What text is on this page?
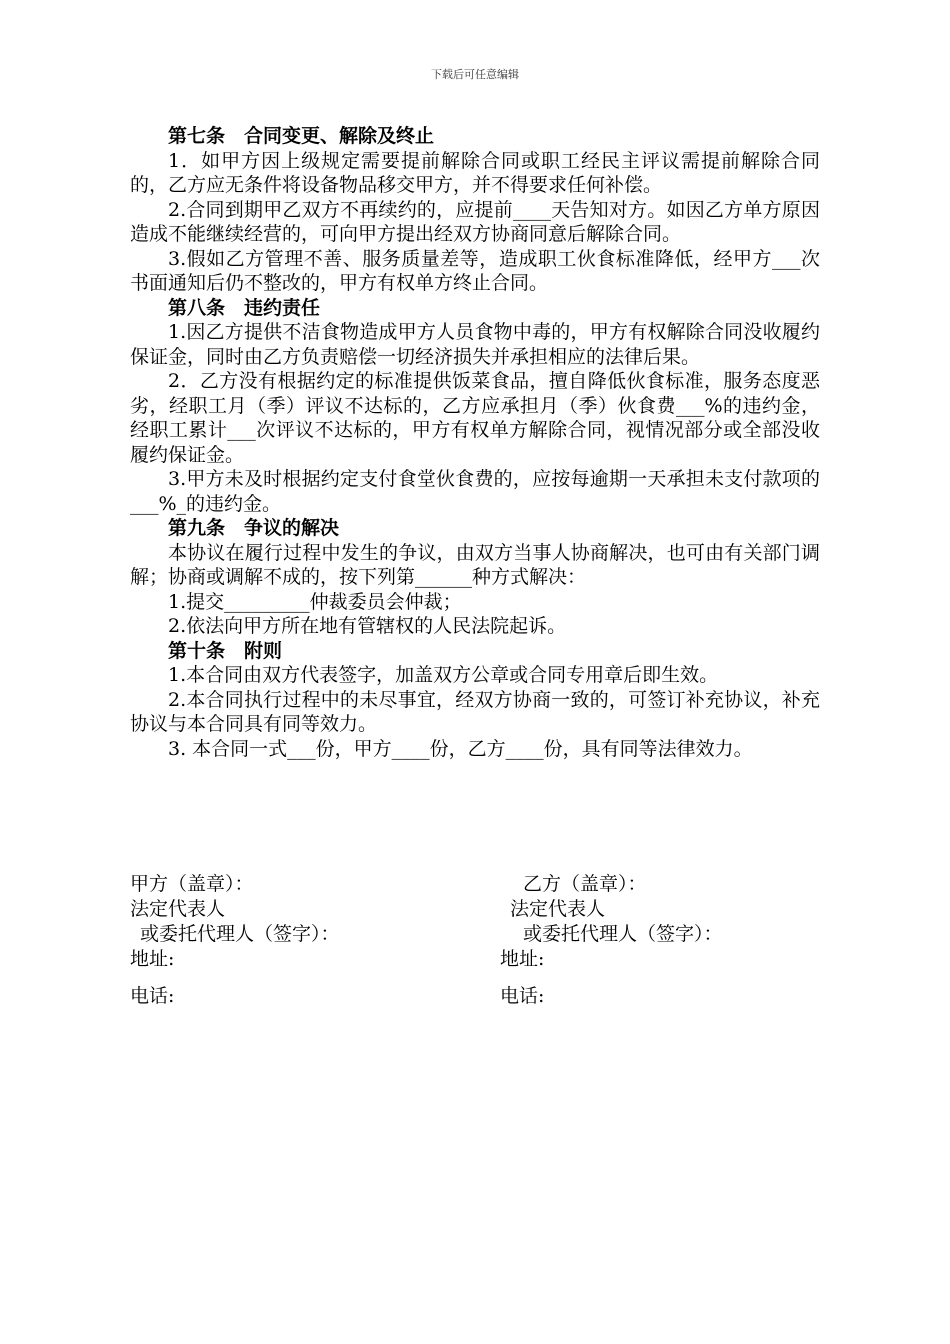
下载后可任意编辑

第七条　合同变更、解除及终止

1．如甲方因上级规定需要提前解除合同或职工经民主评议需提前解除合同的，乙方应无条件将设备物品移交甲方，并不得要求任何补偿。

2.合同到期甲乙双方不再续约的，应提前____天告知对方。如因乙方单方原因造成不能继续经营的，可向甲方提出经双方协商同意后解除合同。

3.假如乙方管理不善、服务质量差等，造成职工伙食标准降低，经甲方___次书面通知后仍不整改的，甲方有权单方终止合同。

第八条　违约责任

1.因乙方提供不洁食物造成甲方人员食物中毒的，甲方有权解除合同没收履约保证金，同时由乙方负责赔偿一切经济损失并承担相应的法律后果。

2．乙方没有根据约定的标准提供饭菜食品，擅自降低伙食标准，服务态度恶劣，经职工月（季）评议不达标的，乙方应承担月（季）伙食费___%的违约金，经职工累计___次评议不达标的，甲方有权单方解除合同，视情况部分或全部没收履约保证金。

3.甲方未及时根据约定支付食堂伙食费的，应按每逾期一天承担未支付款项的___%_的违约金。

第九条　争议的解决

本协议在履行过程中发生的争议，由双方当事人协商解决，也可由有关部门调解；协商或调解不成的，按下列第______种方式解决：

1.提交_________仲裁委员会仲裁；

2.依法向甲方所在地有管辖权的人民法院起诉。

第十条　附则

1.本合同由双方代表签字，加盖双方公章或合同专用章后即生效。

2.本合同执行过程中的未尽事宜，经双方协商一致的，可签订补充协议，补充协议与本合同具有同等效力。

3. 本合同一式___份，甲方____份，乙方____份，具有同等法律效力。

甲方（盖章）：	乙方（盖章）：
法定代表人	法定代表人
或委托代理人（签字）：	或委托代理人（签字）：
地址:	地址:
电话:	电话:
